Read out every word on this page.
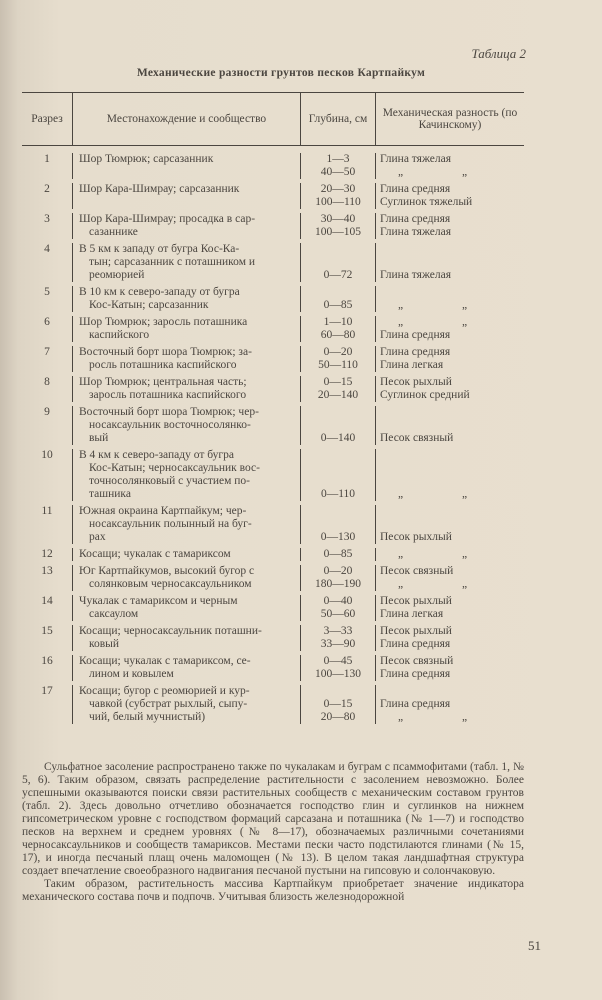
Таблица 2
Механические разности грунтов песков Картпайкум
Разрез	Местонахождение и сообщество	Глубина, см
Механическая разность (по Качинскому)
1	Шор Тюмрюк; сарсазанник	1—3
40—50
Глина тяжелая
„ „
2	Шор Кара-Шимрау; сарсазанник	20—30
100—110
Глина средняя
Суглинок тяжелый
3	Шор Кара-Шимрау; просадка в сар-
сазаннике
30—40
100—105
Глина средняя
Глина тяжелая
4	В 5 км к западу от бугра Кос-Ка-
тын; сарсазанник с поташником и
реомюрией	0—72 Глина тяжелая
5	В 10 км к северо-западу от бугра
Кос-Катын; сарсазанник	0—85	„ „
6	Шор Тюмрюк; заросль поташника
каспийского
1—10
60—80
„ „
Глина средняя
7	Восточный борт шора Тюмрюк; за-
росль поташника каспийского
0—20
50—110
Глина средняя
Глина легкая
8	Шор Тюмрюк; центральная часть;
заросль поташника каспийского
0—15
20—140
Песок рыхлый
Суглинок средний
9	Восточный борт шора Тюмрюк; чер-
носаксаульник восточносолянко-
вый	0—140 Песок связный
10	В 4 км к северо-западу от бугра
Кос-Катын; черносаксаульник вос-
точносолянковый с участием по-
ташника	0—110	„ „
11	Южная окраина Картпайкум; чер-
носаксаульник полынный на буг-
рах	0—130 Песок рыхлый
12	Косащи; чукалак с тамариксом	0—85	„ „
13	Юг Картпайкумов, высокий бугор с
солянковым черносаксаульником
0—20
180—190
Песок связный
„ „
14	Чукалак с тамариксом и черным
саксаулом
0—40
50—60
Песок рыхлый
Глина легкая
15	Косащи; черносаксаульник поташни-
ковый
3—33
33—90
Песок рыхлый
Глина средняя
16	Косащи; чукалак с тамариксом, се-
лином и ковылем
0—45
100—130
Песок связный
Глина средняя
17	Косащи; бугор с реомюрией и кур-
чавкой (субстрат рыхлый, сыпу-
чий, белый мучнистый)
0—15
20—80
Глина средняя
„ „

Сульфатное засоление распространено также по чукалакам и буграм с псаммофитами (табл. 1, № 5, 6). Таким образом, связать распределение растительности с засолением невозможно. Более успешными оказываются поиски связи растительных сообществ с механическим составом грунтов (табл. 2). Здесь довольно отчетливо обозначается господство глин и суглинков на нижнем гипсометрическом уровне с господством формаций сарсазана и поташника (№ 1—7) и господство песков на верхнем и среднем уровнях (№ 8—17), обозначаемых различными сочетаниями черносаксаульников и сообществ тамариксов. Местами пески часто подстилаются глинами (№ 15, 17), и иногда песчаный плащ очень маломощен (№ 13). В целом такая ландшафтная структура создает впечатление своеобразного надвигания песчаной пустыни на гипсовую и солончаковую.

Таким образом, растительность массива Картпайкум приобретает значение индикатора механического состава почв и подпочв. Учитывая близость железнодорожной

51
